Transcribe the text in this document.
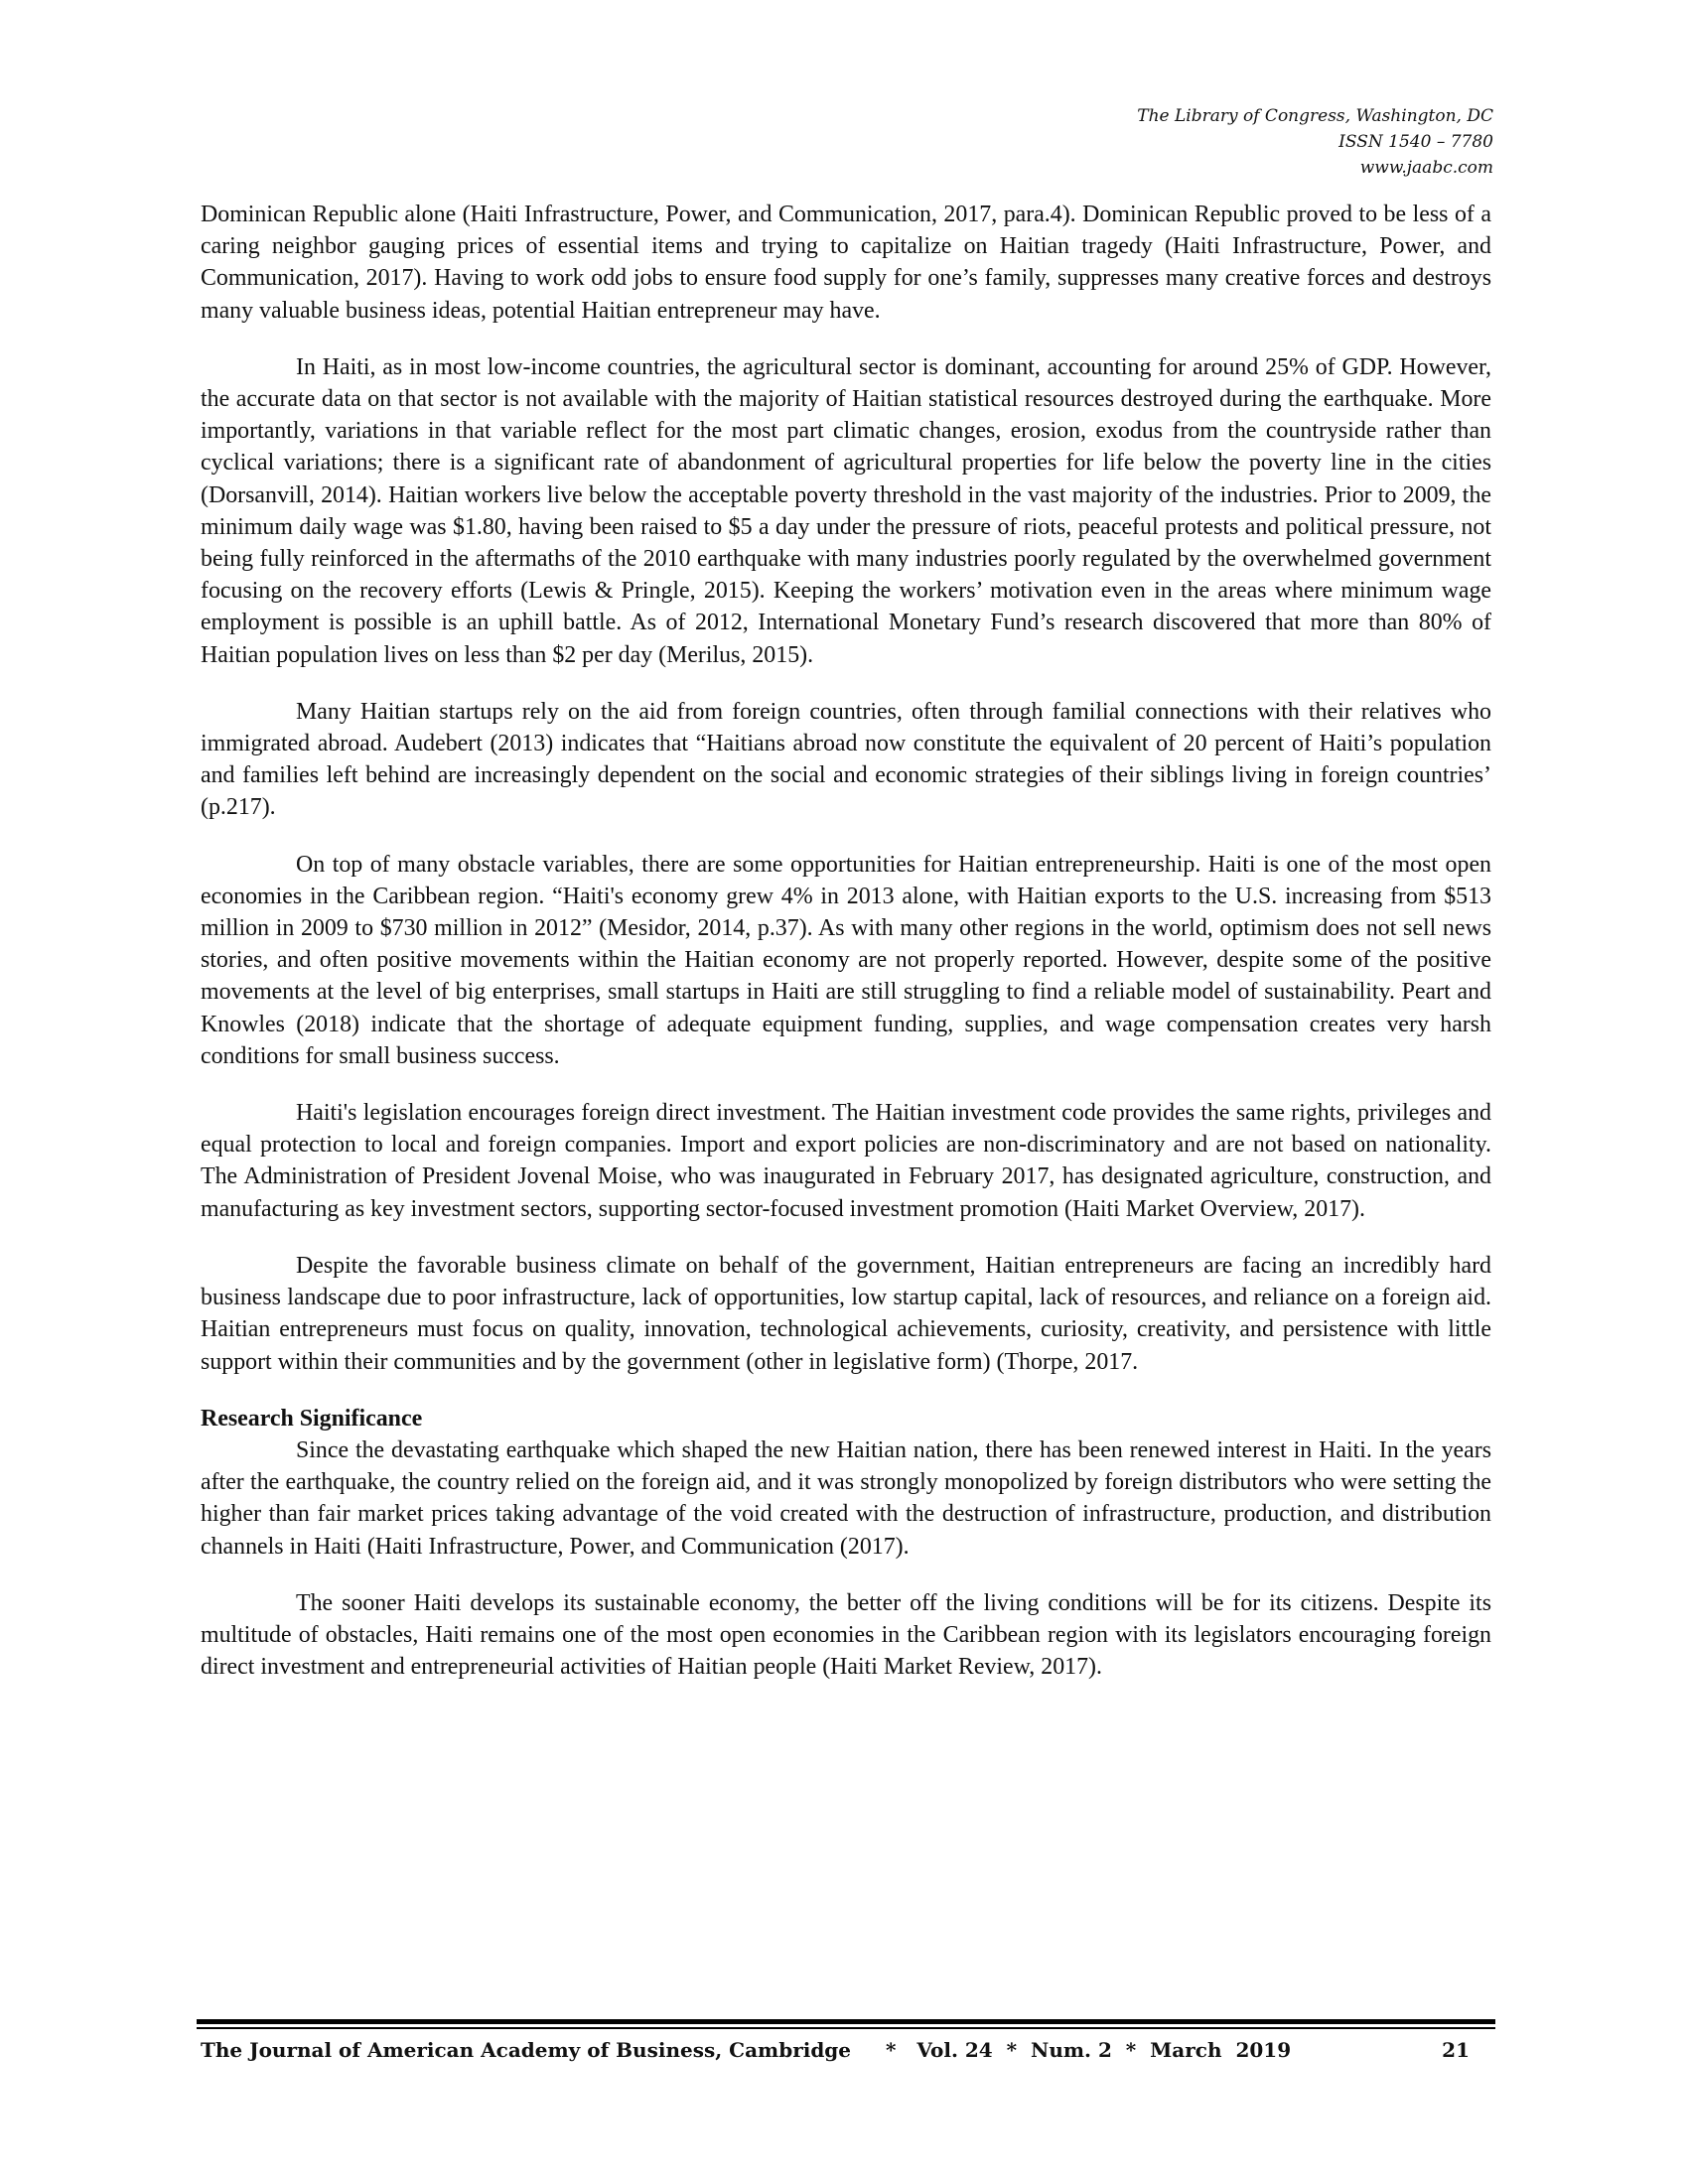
The Library of Congress, Washington, DC
ISSN 1540 – 7780
www.jaabc.com

Dominican Republic alone (Haiti Infrastructure, Power, and Communication, 2017, para.4). Dominican Republic proved to be less of a caring neighbor gauging prices of essential items and trying to capitalize on Haitian tragedy (Haiti Infrastructure, Power, and Communication, 2017). Having to work odd jobs to ensure food supply for one’s family, suppresses many creative forces and destroys many valuable business ideas, potential Haitian entrepreneur may have.

In Haiti, as in most low-income countries, the agricultural sector is dominant, accounting for around 25% of GDP. However, the accurate data on that sector is not available with the majority of Haitian statistical resources destroyed during the earthquake. More importantly, variations in that variable reflect for the most part climatic changes, erosion, exodus from the countryside rather than cyclical variations; there is a significant rate of abandonment of agricultural properties for life below the poverty line in the cities (Dorsanvill, 2014). Haitian workers live below the acceptable poverty threshold in the vast majority of the industries. Prior to 2009, the minimum daily wage was $1.80, having been raised to $5 a day under the pressure of riots, peaceful protests and political pressure, not being fully reinforced in the aftermaths of the 2010 earthquake with many industries poorly regulated by the overwhelmed government focusing on the recovery efforts (Lewis & Pringle, 2015). Keeping the workers’ motivation even in the areas where minimum wage employment is possible is an uphill battle. As of 2012, International Monetary Fund’s research discovered that more than 80% of Haitian population lives on less than $2 per day (Merilus, 2015).

Many Haitian startups rely on the aid from foreign countries, often through familial connections with their relatives who immigrated abroad. Audebert (2013) indicates that “Haitians abroad now constitute the equivalent of 20 percent of Haiti’s population and families left behind are increasingly dependent on the social and economic strategies of their siblings living in foreign countries’ (p.217).

On top of many obstacle variables, there are some opportunities for Haitian entrepreneurship. Haiti is one of the most open economies in the Caribbean region. “Haiti's economy grew 4% in 2013 alone, with Haitian exports to the U.S. increasing from $513 million in 2009 to $730 million in 2012” (Mesidor, 2014, p.37). As with many other regions in the world, optimism does not sell news stories, and often positive movements within the Haitian economy are not properly reported. However, despite some of the positive movements at the level of big enterprises, small startups in Haiti are still struggling to find a reliable model of sustainability. Peart and Knowles (2018) indicate that the shortage of adequate equipment funding, supplies, and wage compensation creates very harsh conditions for small business success.

Haiti's legislation encourages foreign direct investment. The Haitian investment code provides the same rights, privileges and equal protection to local and foreign companies. Import and export policies are non-discriminatory and are not based on nationality. The Administration of President Jovenal Moise, who was inaugurated in February 2017, has designated agriculture, construction, and manufacturing as key investment sectors, supporting sector-focused investment promotion (Haiti Market Overview, 2017).

Despite the favorable business climate on behalf of the government, Haitian entrepreneurs are facing an incredibly hard business landscape due to poor infrastructure, lack of opportunities, low startup capital, lack of resources, and reliance on a foreign aid. Haitian entrepreneurs must focus on quality, innovation, technological achievements, curiosity, creativity, and persistence with little support within their communities and by the government (other in legislative form) (Thorpe, 2017.

Research Significance

Since the devastating earthquake which shaped the new Haitian nation, there has been renewed interest in Haiti. In the years after the earthquake, the country relied on the foreign aid, and it was strongly monopolized by foreign distributors who were setting the higher than fair market prices taking advantage of the void created with the destruction of infrastructure, production, and distribution channels in Haiti (Haiti Infrastructure, Power, and Communication (2017).

The sooner Haiti develops its sustainable economy, the better off the living conditions will be for its citizens. Despite its multitude of obstacles, Haiti remains one of the most open economies in the Caribbean region with its legislators encouraging foreign direct investment and entrepreneurial activities of Haitian people (Haiti Market Review, 2017).

The Journal of American Academy of Business, Cambridge *   Vol. 24  *  Num. 2  *  March  2019	21
